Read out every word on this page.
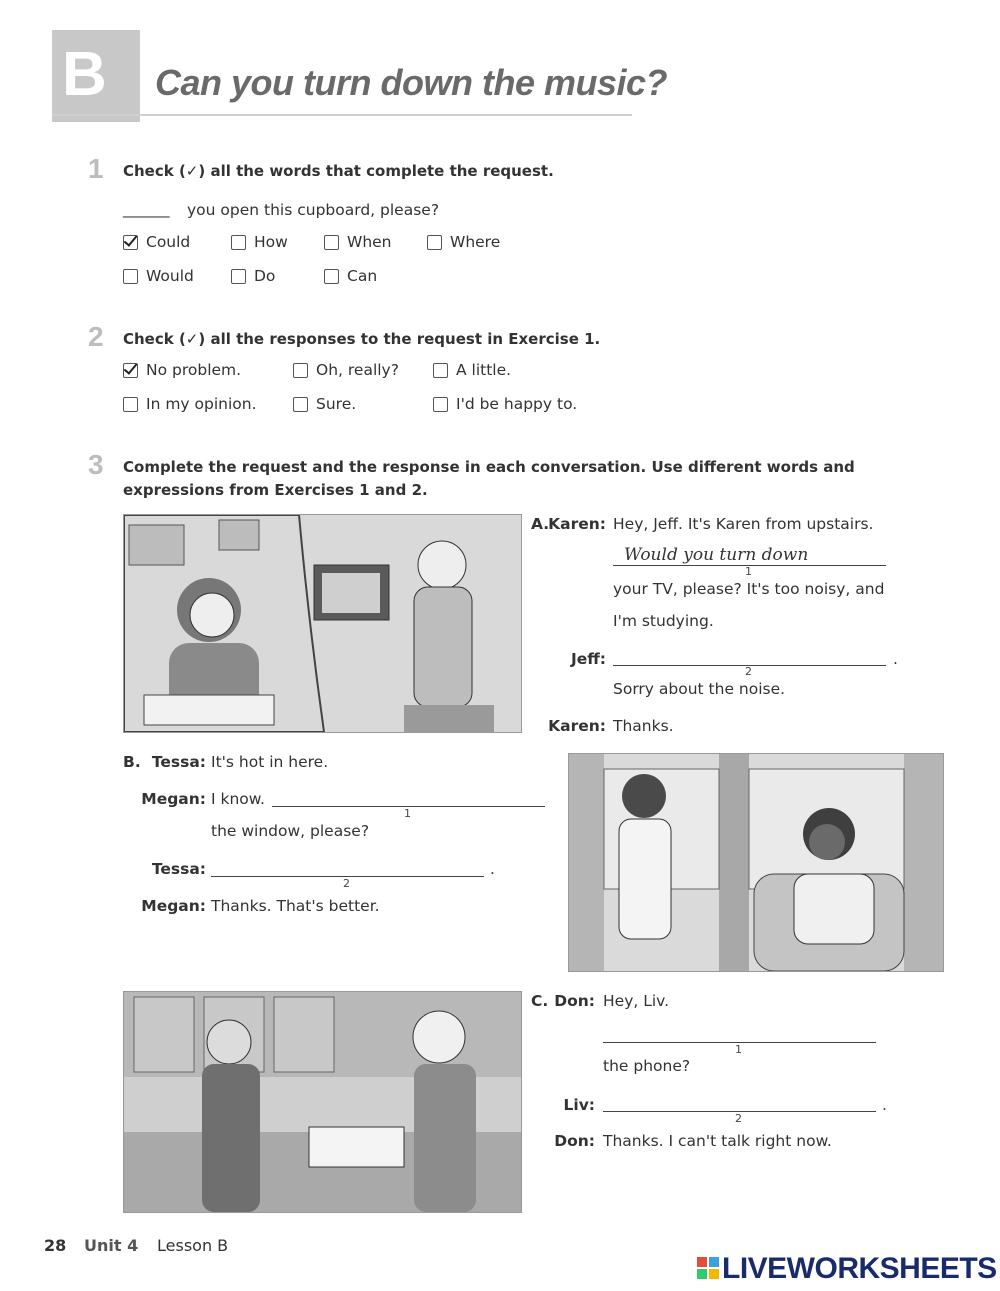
B Can you turn down the music?
1 Check (✓) all the words that complete the request.
______ you open this cupboard, please?
Could	How	When	Where
Would	Do	Can
2 Check (✓) all the responses to the request in Exercise 1.
No problem.	Oh, really?	A little.
In my opinion.	Sure.	I'd be happy to.
3 Complete the request and the response in each conversation. Use different words and
expressions from Exercises 1 and 2.
A.
Karen: Hey, Jeff. It's Karen from upstairs.
Would you turn down
1
your TV, please? It's too noisy, and
I'm studying.
Jeff:	.
2
Sorry about the noise.
Karen: Thanks.
B. Tessa: It's hot in here.
Megan: I know.
1
the window, please?
Tessa:	.
2
Megan: Thanks. That's better.
C. Don: Hey, Liv.
1
the phone?
Liv:	.
2
Don: Thanks. I can't talk right now.
28 Unit 4 Lesson B
LIVEWORKSHEETS
